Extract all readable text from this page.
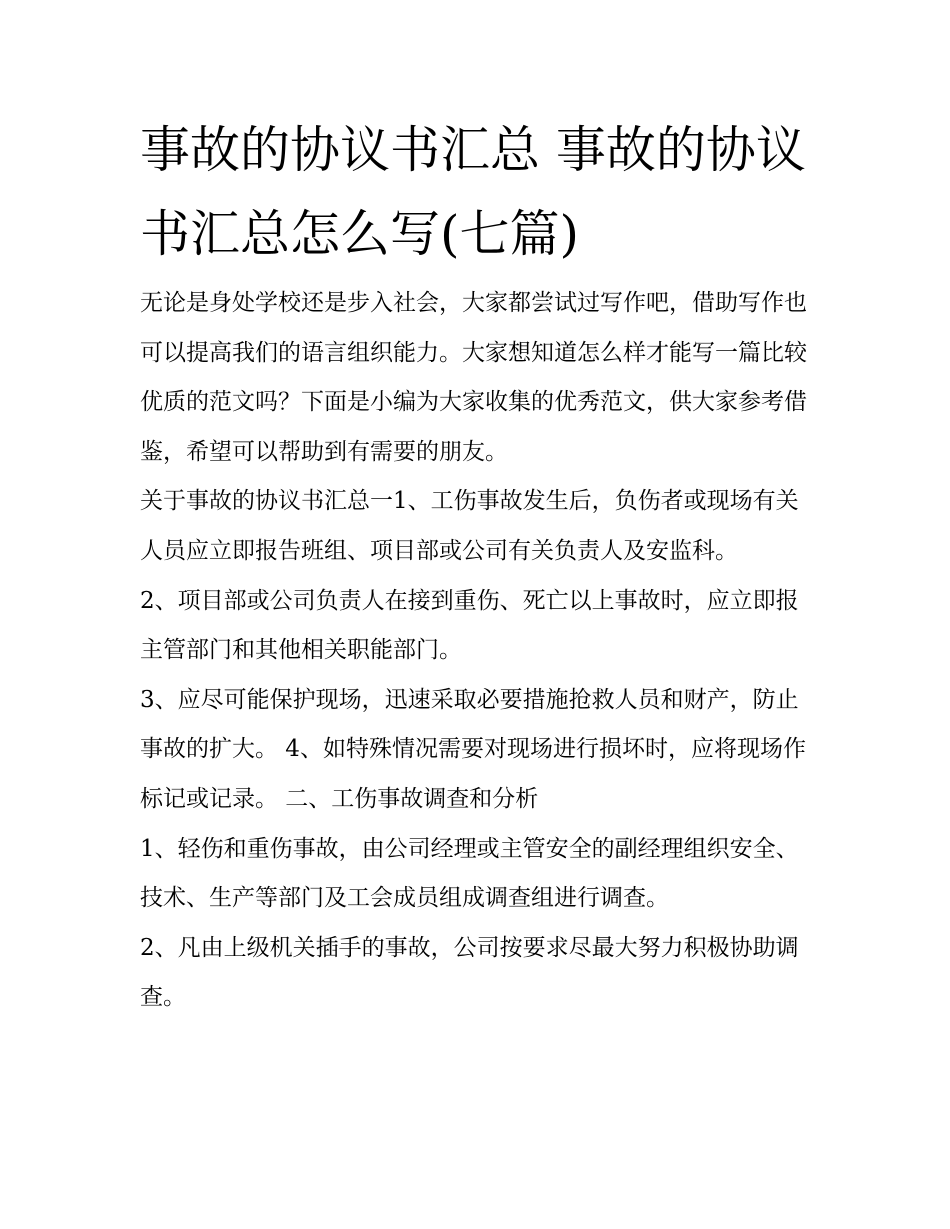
事故的协议书汇总 事故的协议书汇总怎么写(七篇)

无论是身处学校还是步入社会，大家都尝试过写作吧，借助写作也可以提高我们的语言组织能力。大家想知道怎么样才能写一篇比较优质的范文吗？下面是小编为大家收集的优秀范文，供大家参考借鉴，希望可以帮助到有需要的朋友。

关于事故的协议书汇总一1、工伤事故发生后，负伤者或现场有关人员应立即报告班组、项目部或公司有关负责人及安监科。

2、项目部或公司负责人在接到重伤、死亡以上事故时，应立即报主管部门和其他相关职能部门。

3、应尽可能保护现场，迅速采取必要措施抢救人员和财产，防止事故的扩大。 4、如特殊情况需要对现场进行损坏时，应将现场作标记或记录。 二、工伤事故调查和分析

1、轻伤和重伤事故，由公司经理或主管安全的副经理组织安全、技术、生产等部门及工会成员组成调查组进行调查。

2、凡由上级机关插手的事故，公司按要求尽最大努力积极协助调查。
